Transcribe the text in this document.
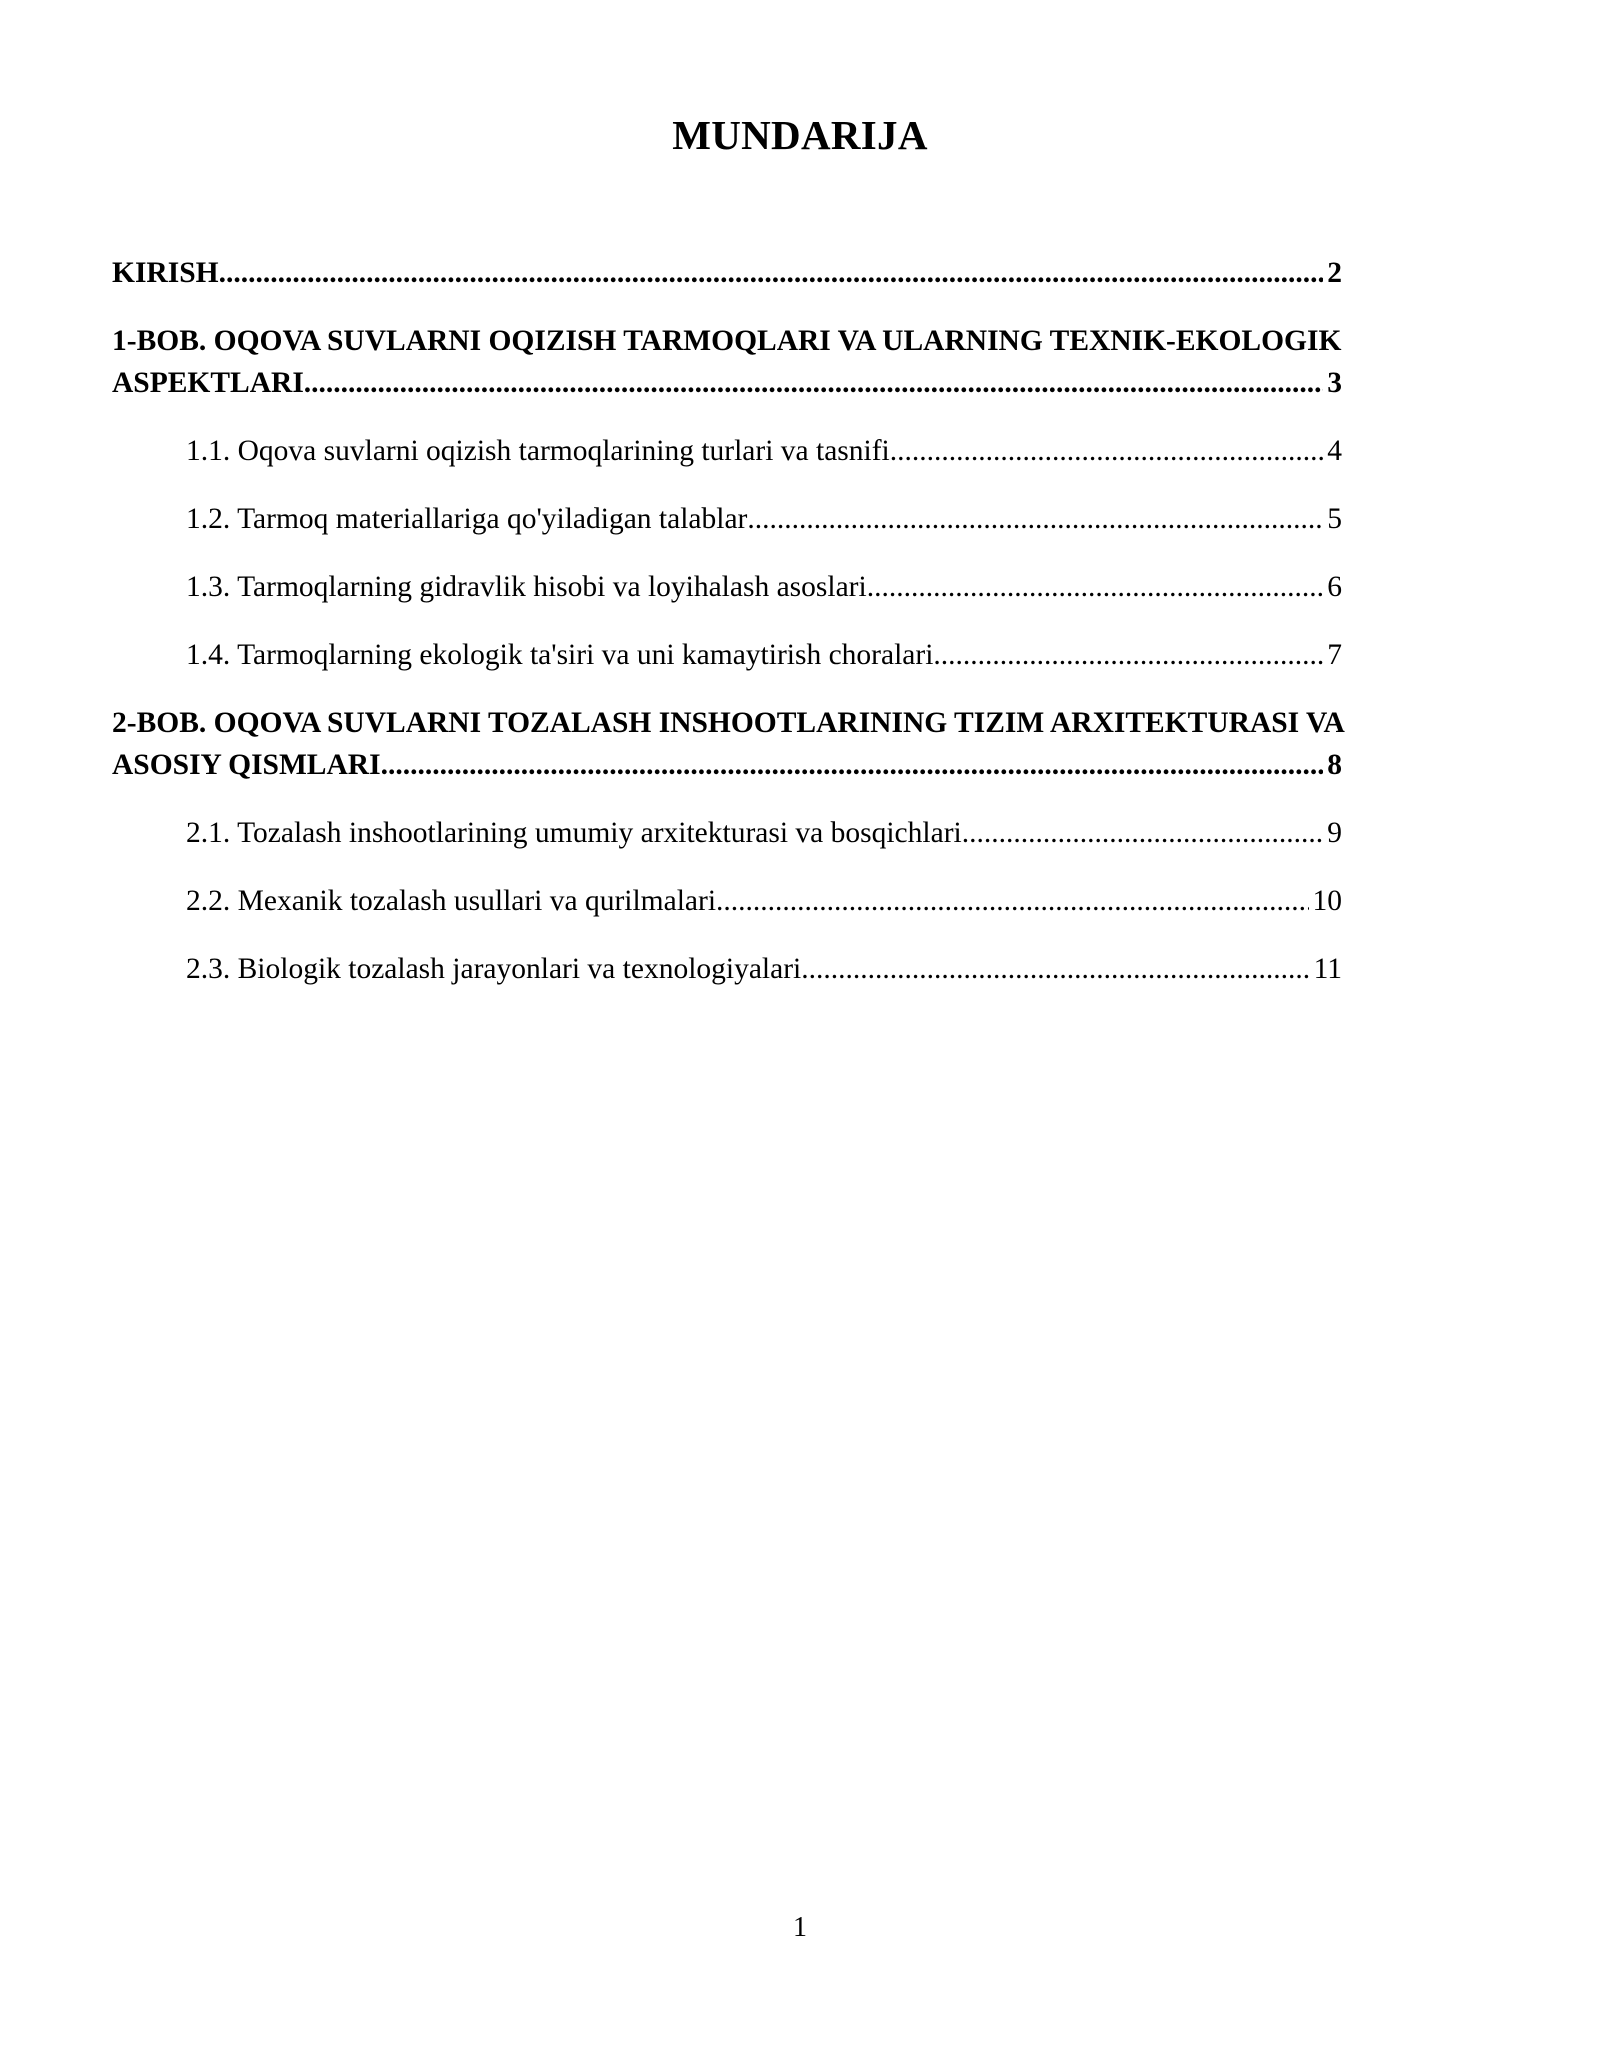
MUNDARIJA
KIRISH .....	2
1-BOB. OQOVA SUVLARNI OQIZISH TARMOQLARI VA ULARNING TEXNIK-EKOLOGIK
ASPEKTLARI .....	3
1.1. Oqova suvlarni oqizish tarmoqlarining turlari va tasnifi .....	4
1.2. Tarmoq materiallariga qo'yiladigan talablar .....	5
1.3. Tarmoqlarning gidravlik hisobi va loyihalash asoslari .....	6
1.4. Tarmoqlarning ekologik ta'siri va uni kamaytirish choralari .....	7
2-BOB. OQOVA SUVLARNI TOZALASH INSHOOTLARINING TIZIM ARXITEKTURASI VA
ASOSIY QISMLARI .....	8
2.1. Tozalash inshootlarining umumiy arxitekturasi va bosqichlari .....	9
2.2. Mexanik tozalash usullari va qurilmalari .....	10
2.3. Biologik tozalash jarayonlari va texnologiyalari .....	11
1
